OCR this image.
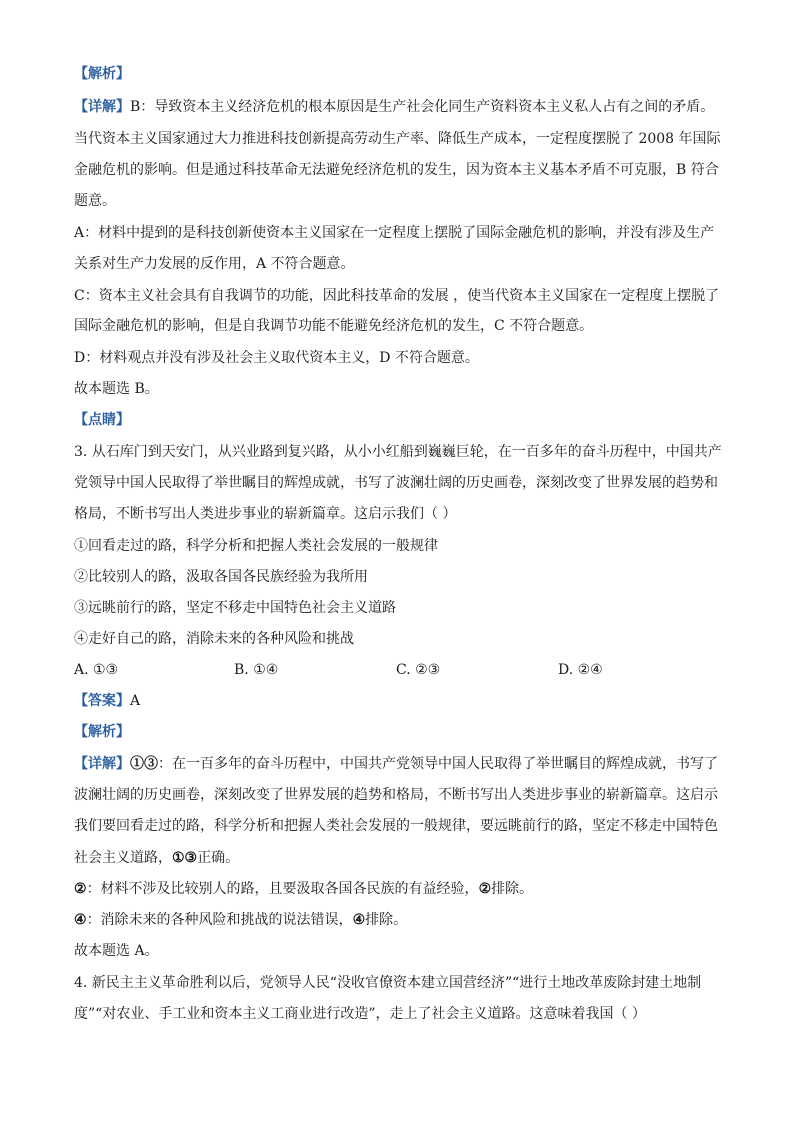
【解析】
【详解】B：导致资本主义经济危机的根本原因是生产社会化同生产资料资本主义私人占有之间的矛盾。
当代资本主义国家通过大力推进科技创新提高劳动生产率、降低生产成本，一定程度摆脱了 2008 年国际
金融危机的影响。但是通过科技革命无法避免经济危机的发生，因为资本主义基本矛盾不可克服，B 符合
题意。
A：材料中提到的是科技创新使资本主义国家在一定程度上摆脱了国际金融危机的影响，并没有涉及生产
关系对生产力发展的反作用，A 不符合题意。
C：资本主义社会具有自我调节的功能，因此科技革命的发展 ，使当代资本主义国家在一定程度上摆脱了
国际金融危机的影响，但是自我调节功能不能避免经济危机的发生，C 不符合题意。
D：材料观点并没有涉及社会主义取代资本主义，D 不符合题意。
故本题选 B。
【点睛】
3. 从石库门到天安门，从兴业路到复兴路，从小小红船到巍巍巨轮，在一百多年的奋斗历程中，中国共产
党领导中国人民取得了举世瞩目的辉煌成就，书写了波澜壮阔的历史画卷，深刻改变了世界发展的趋势和
格局，不断书写出人类进步事业的崭新篇章。这启示我们（ ）
①回看走过的路，科学分析和把握人类社会发展的一般规律
②比较别人的路，汲取各国各民族经验为我所用
③远眺前行的路，坚定不移走中国特色社会主义道路
④走好自己的路，消除未来的各种风险和挑战
A. ①③	B. ①④	C. ②③	D. ②④
【答案】A
【解析】
【详解】①③：在一百多年的奋斗历程中，中国共产党领导中国人民取得了举世瞩目的辉煌成就，书写了
波澜壮阔的历史画卷，深刻改变了世界发展的趋势和格局，不断书写出人类进步事业的崭新篇章。这启示
我们要回看走过的路，科学分析和把握人类社会发展的一般规律，要远眺前行的路，坚定不移走中国特色
社会主义道路，①③正确。
②：材料不涉及比较别人的路，且要汲取各国各民族的有益经验，②排除。
④：消除未来的各种风险和挑战的说法错误，④排除。
故本题选 A。
4. 新民主主义革命胜利以后，党领导人民“没收官僚资本建立国营经济”“进行土地改革废除封建土地制
度”“对农业、手工业和资本主义工商业进行改造”，走上了社会主义道路。这意味着我国（ ）
